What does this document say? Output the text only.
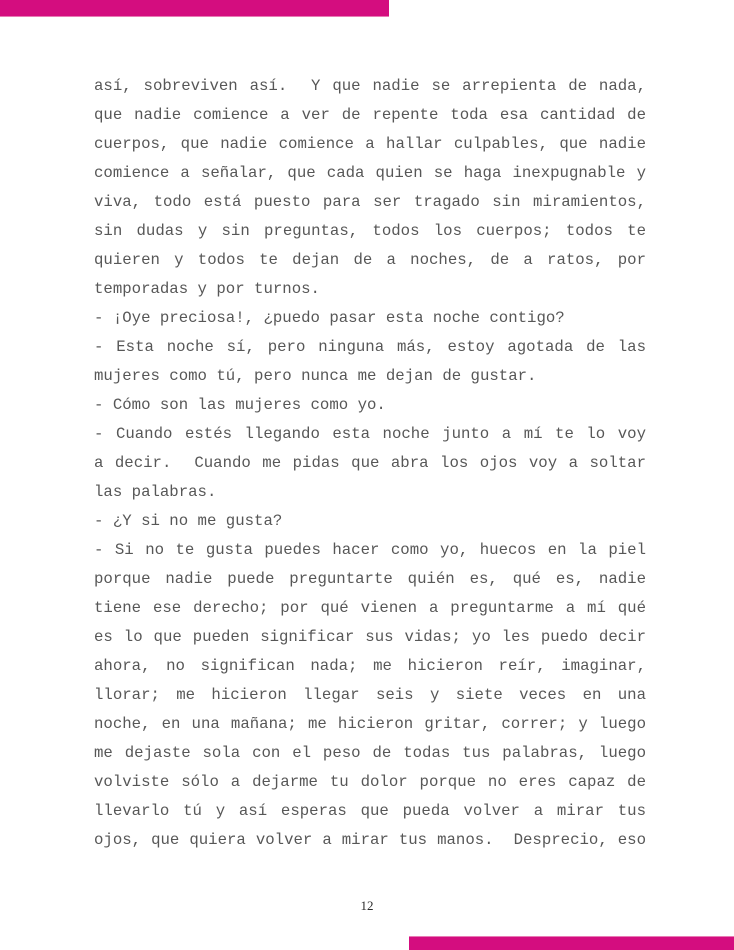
así, sobreviven así.  Y que nadie se arrepienta de nada,
que nadie comience a ver de repente toda esa cantidad de
cuerpos, que nadie comience a hallar culpables, que nadie
comience a señalar, que cada quien se haga inexpugnable y
viva, todo está puesto para ser tragado sin miramientos,
sin dudas y sin preguntas, todos los cuerpos; todos te
quieren y todos te dejan de a noches, de a ratos, por
temporadas y por turnos.
- ¡Oye preciosa!, ¿puedo pasar esta noche contigo?
- Esta noche sí, pero ninguna más, estoy agotada de las
mujeres como tú, pero nunca me dejan de gustar.
- Cómo son las mujeres como yo.
- Cuando estés llegando esta noche junto a mí te lo voy
a decir.  Cuando me pidas que abra los ojos voy a soltar
las palabras.
- ¿Y si no me gusta?
- Si no te gusta puedes hacer como yo, huecos en la piel
porque nadie puede preguntarte quién es, qué es, nadie
tiene ese derecho; por qué vienen a preguntarme a mí qué
es lo que pueden significar sus vidas; yo les puedo decir
ahora, no significan nada; me hicieron reír, imaginar,
llorar; me hicieron llegar seis y siete veces en una
noche, en una mañana; me hicieron gritar, correr; y luego
me dejaste sola con el peso de todas tus palabras, luego
volviste sólo a dejarme tu dolor porque no eres capaz de
llevarlo tú y así esperas que pueda volver a mirar tus
ojos, que quiera volver a mirar tus manos.  Desprecio, eso
12
